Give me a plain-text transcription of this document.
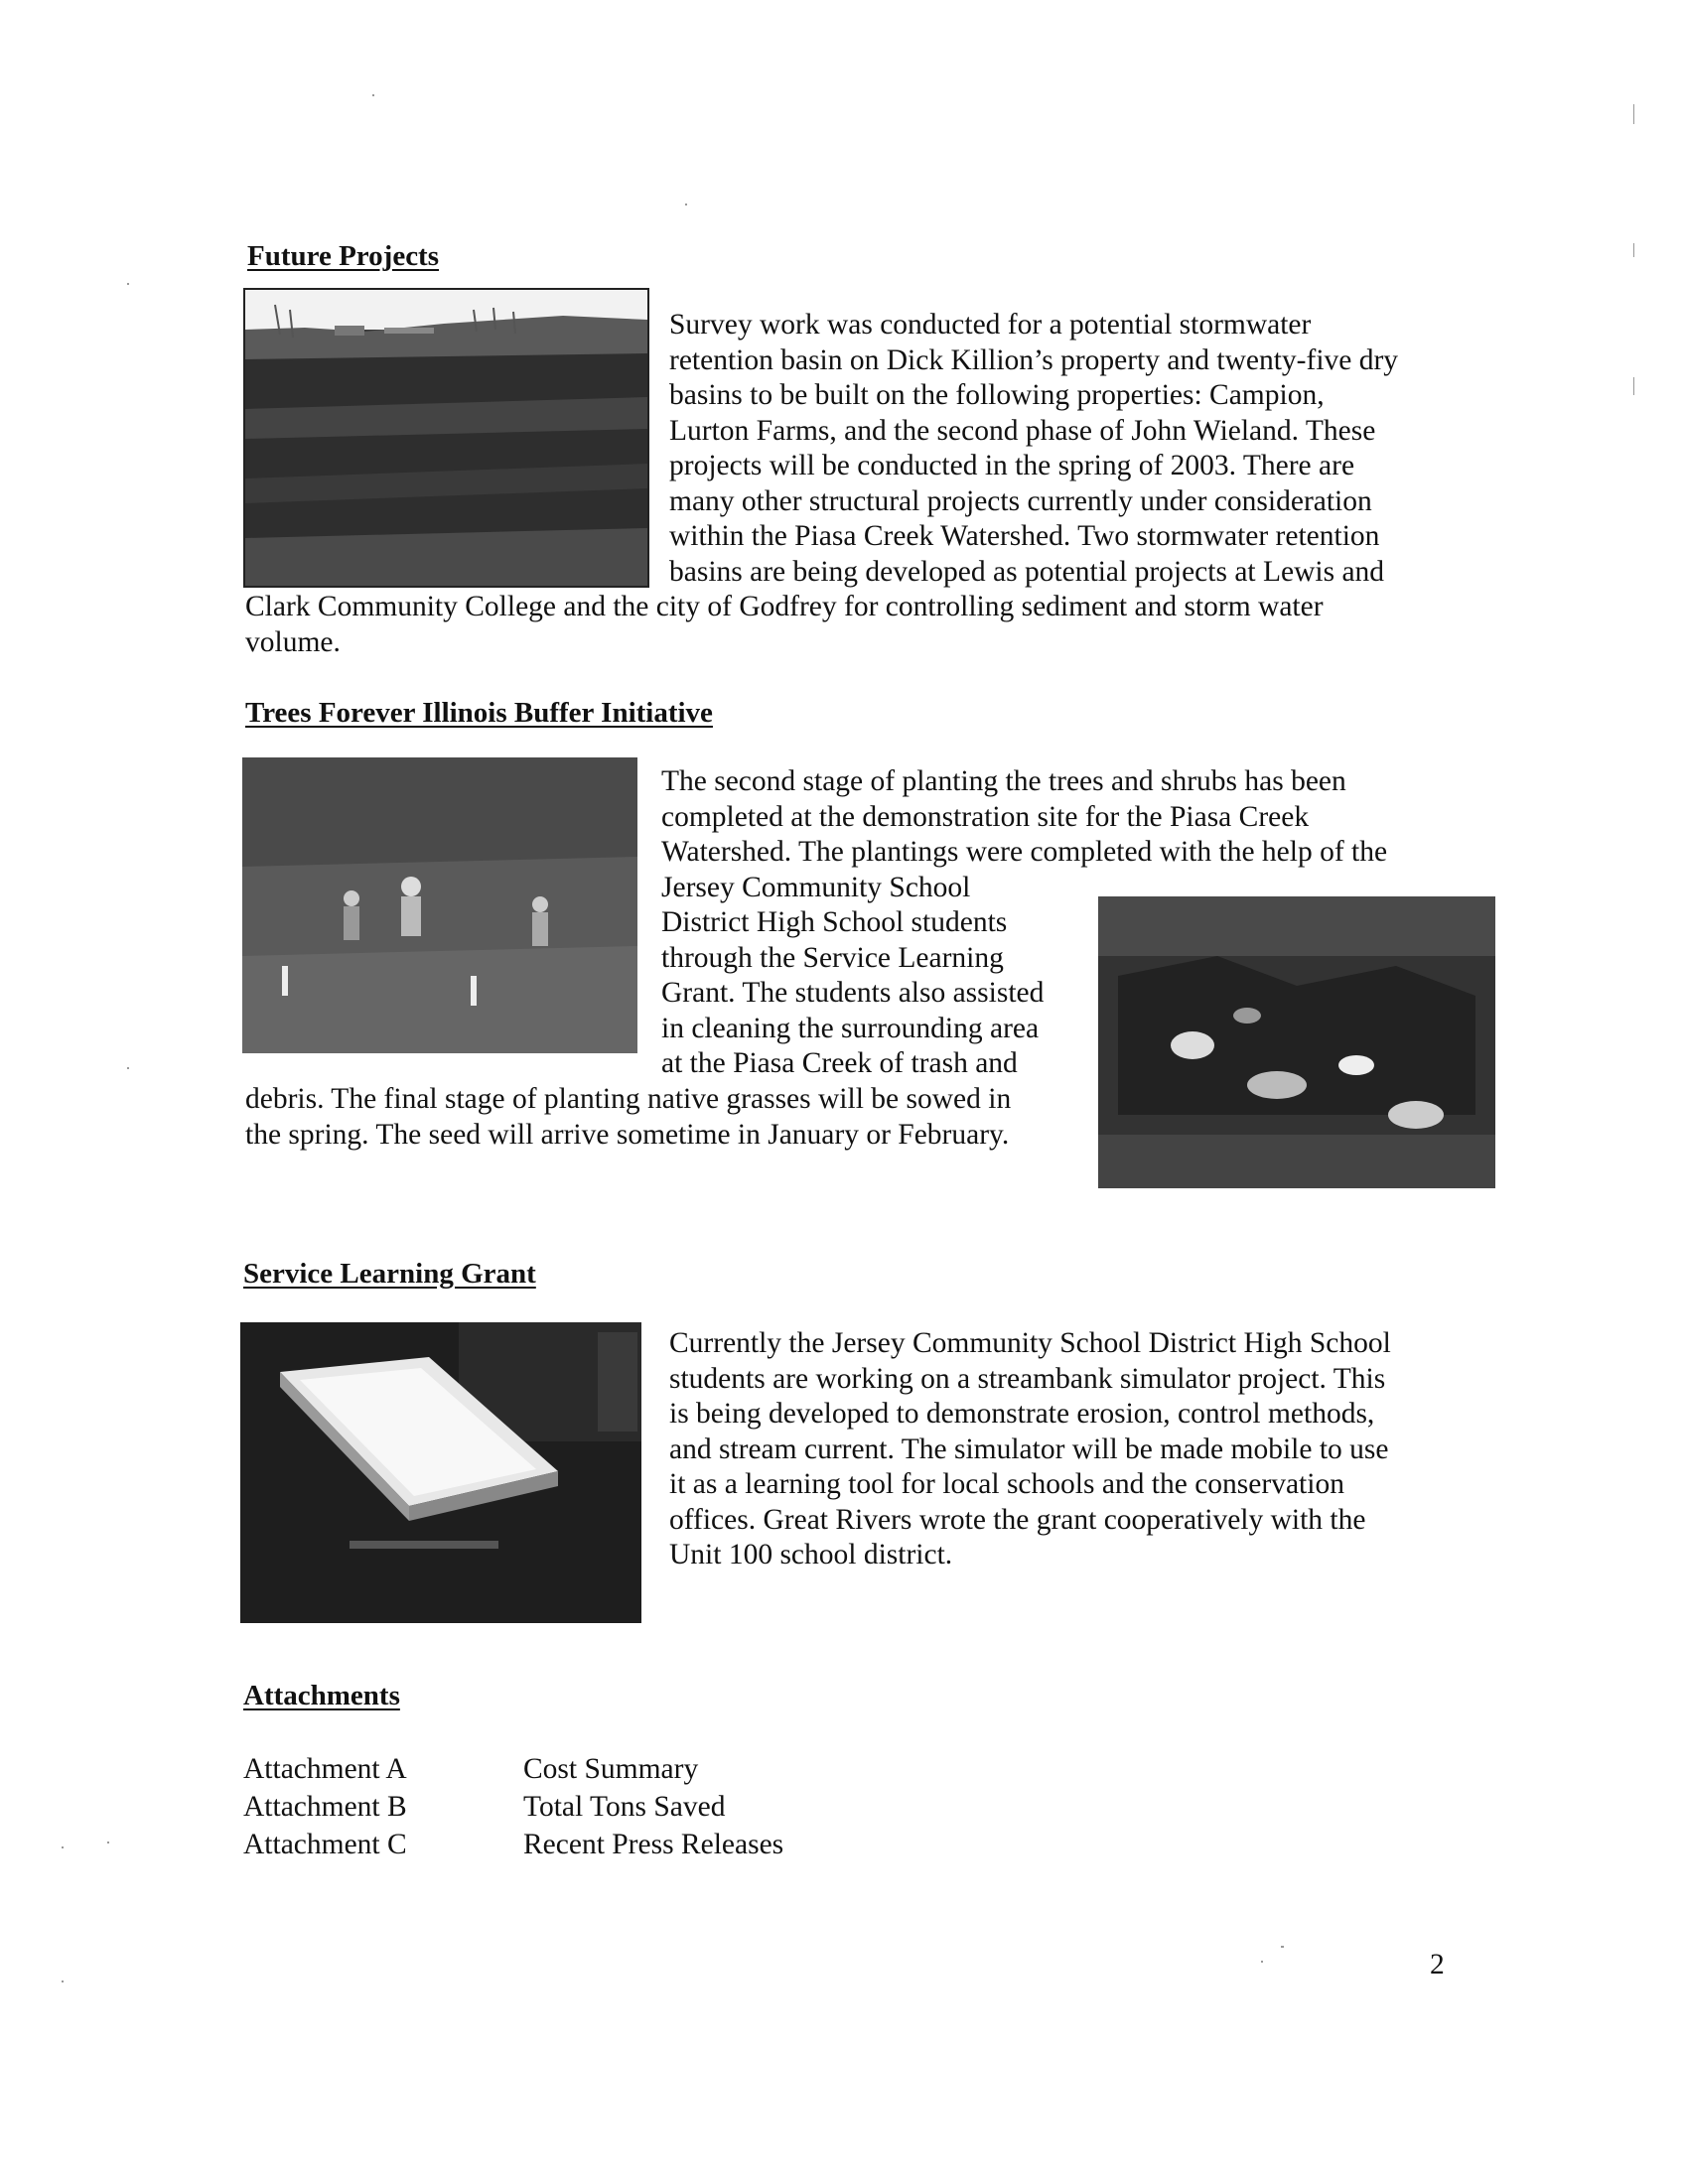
Future Projects
Survey work was conducted for a potential stormwater
retention basin on Dick Killion’s property and twenty-five dry
basins to be built on the following properties: Campion,
Lurton Farms, and the second phase of John Wieland. These
projects will be conducted in the spring of 2003. There are
many other structural projects currently under consideration
within the Piasa Creek Watershed. Two stormwater retention
basins are being developed as potential projects at Lewis and
Clark Community College and the city of Godfrey for controlling sediment and storm water
volume.
Trees Forever Illinois Buffer Initiative
The second stage of planting the trees and shrubs has been
completed at the demonstration site for the Piasa Creek
Watershed. The plantings were completed with the help of the
Jersey Community School
District High School students
through the Service Learning
Grant. The students also assisted
in cleaning the surrounding area
at the Piasa Creek of trash and
debris. The final stage of planting native grasses will be sowed in
the spring. The seed will arrive sometime in January or February.
Service Learning Grant
Currently the Jersey Community School District High School
students are working on a streambank simulator project. This
is being developed to demonstrate erosion, control methods,
and stream current. The simulator will be made mobile to use
it as a learning tool for local schools and the conservation
offices. Great Rivers wrote the grant cooperatively with the
Unit 100 school district.
Attachments
Attachment A	Cost Summary
Attachment B	Total Tons Saved
Attachment C	Recent Press Releases
2
